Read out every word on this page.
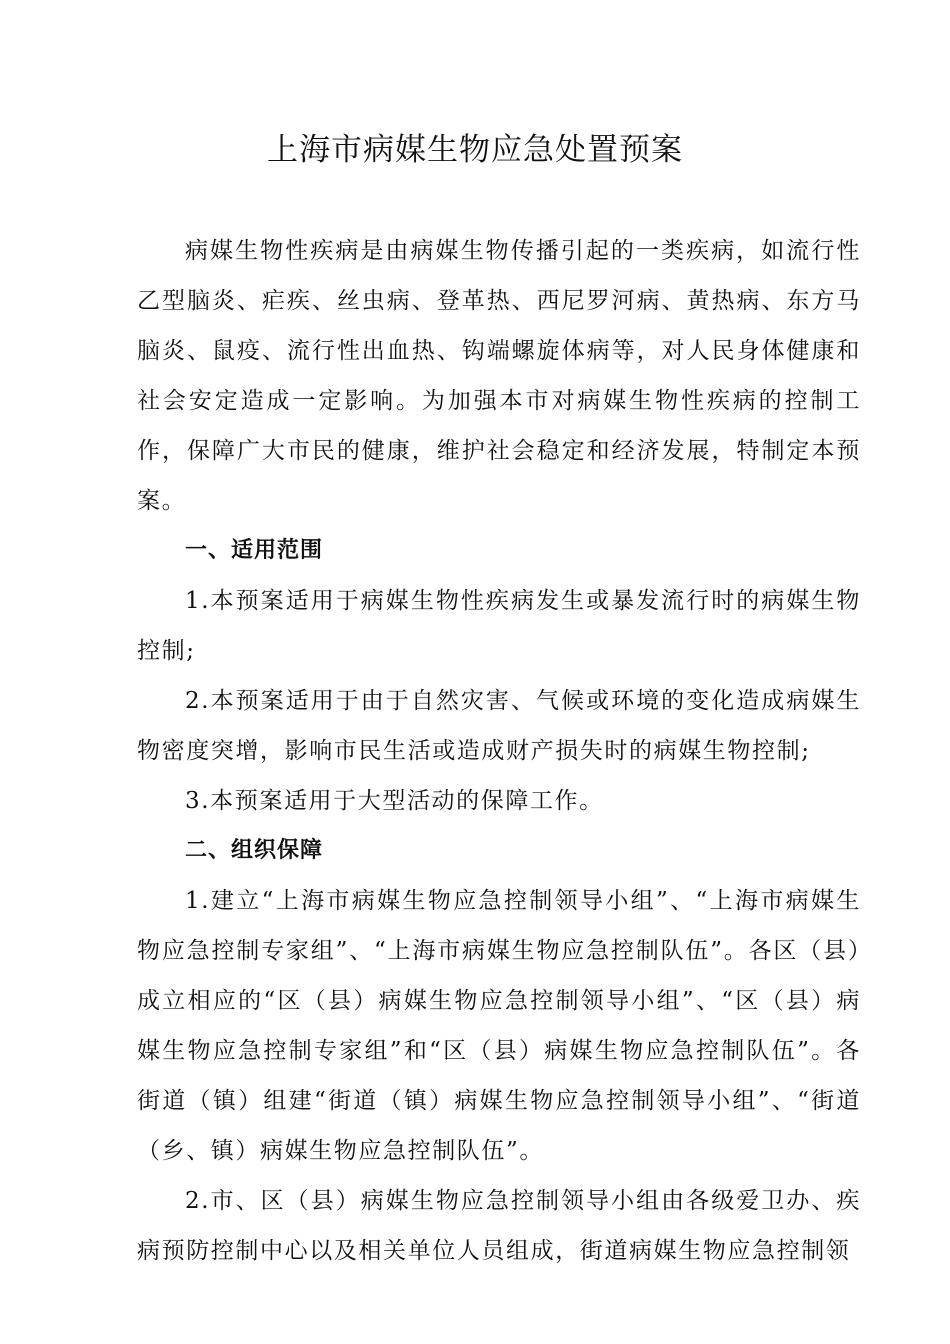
上海市病媒生物应急处置预案

病媒生物性疾病是由病媒生物传播引起的一类疾病，如流行性乙型脑炎、疟疾、丝虫病、登革热、西尼罗河病、黄热病、东方马脑炎、鼠疫、流行性出血热、钩端螺旋体病等，对人民身体健康和社会安定造成一定影响。为加强本市对病媒生物性疾病的控制工作，保障广大市民的健康，维护社会稳定和经济发展，特制定本预案。

一、适用范围

1.本预案适用于病媒生物性疾病发生或暴发流行时的病媒生物控制;

2.本预案适用于由于自然灾害、气候或环境的变化造成病媒生物密度突增，影响市民生活或造成财产损失时的病媒生物控制;

3.本预案适用于大型活动的保障工作。

二、组织保障

1.建立“上海市病媒生物应急控制领导小组”、“上海市病媒生物应急控制专家组”、“上海市病媒生物应急控制队伍”。各区（县）成立相应的“区（县）病媒生物应急控制领导小组”、“区（县）病媒生物应急控制专家组”和“区（县）病媒生物应急控制队伍”。各街道（镇）组建“街道（镇）病媒生物应急控制领导小组”、“街道（乡、镇）病媒生物应急控制队伍”。

2.市、区（县）病媒生物应急控制领导小组由各级爱卫办、疾病预防控制中心以及相关单位人员组成，街道病媒生物应急控制领
